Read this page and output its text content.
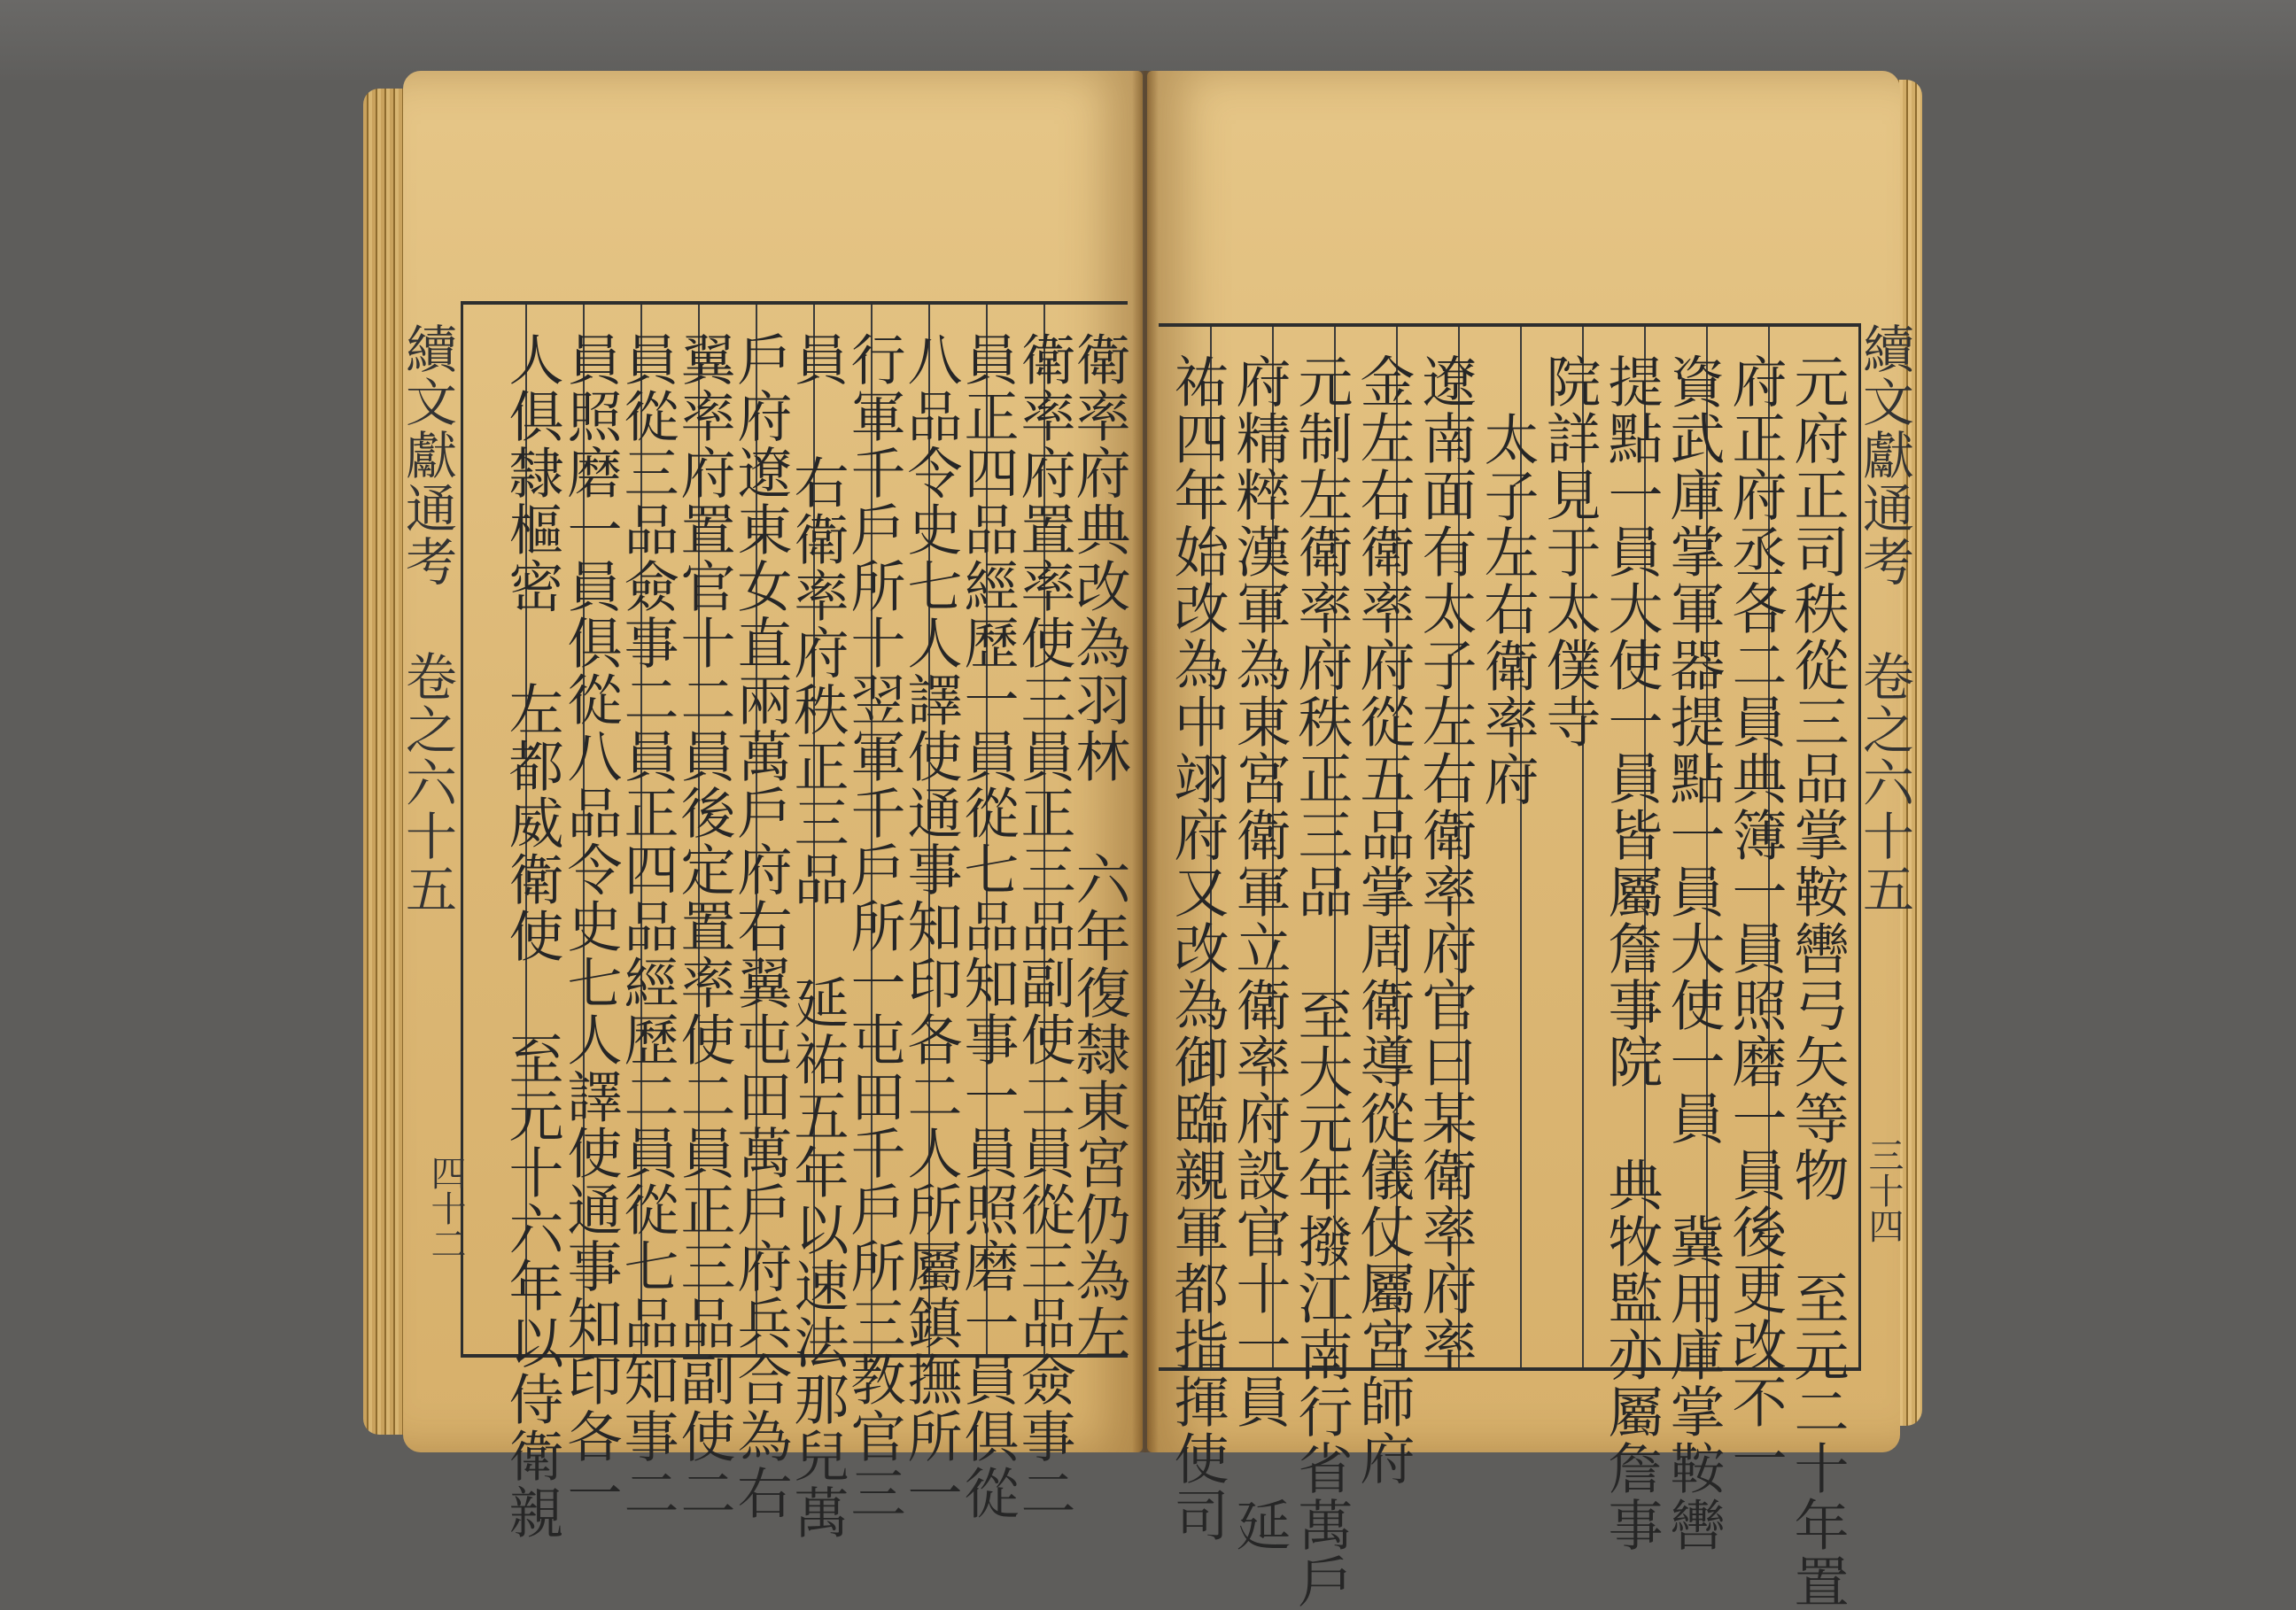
衛率府典改為羽林 六年復隸東宮仍為左
衛率府置率使三員正三品副使二員從三品僉事二
員正四品經歷一員從七品知事一員照磨一員俱從
八品令史七人譯使通事知印各二人所屬鎮撫所一
行軍千戶所十翌軍千戶所一屯田千戶所三教官三
員 右衛率府秩正三品 延祐五年以速法那兒萬
戶府遼東女直兩萬戶府右翼屯田萬戶府兵合為右
翼率府置官十二員後定置率使二員正三品副使二
員從三品僉事二員正四品經歷二員從七品知事二
員照磨一員俱從八品令史七人譯使通事知印各一
人俱隸樞密 左都威衛使 至元十六年以侍衛親
續文獻通考 卷之六十五
四十二	元府正司秩從三品掌鞍轡弓矢等物 至元二十年置
府正府丞各二員典簿一員照磨一員後更改不一
資武庫掌軍器提點一員大使一員 冀用庫掌鞍轡
提點一員大使一員皆屬詹事院 典牧監亦屬詹事
院詳見于太僕寺
太子左右衛率府
遼南面有太子左右衛率府官曰某衛率府率
金左右衛率府從五品掌周衛導從儀仗屬宮師府
元制左衛率府秩正三品 至大元年撥江南行省萬戶
府精粹漢軍為東宮衛軍立衛率府設官十一員 延
祐四年始改為中翊府又改為御臨親軍都指揮使司	續文獻通考 卷之六十五
三十四
